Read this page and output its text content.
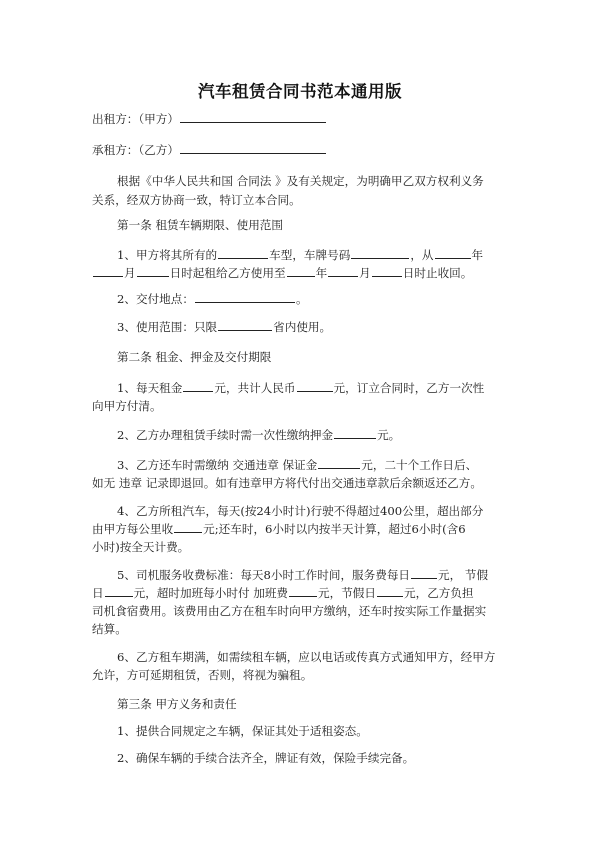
汽车租赁合同书范本通用版
出租方：（甲方）
承租方：（乙方）
根据《中华人民共和国 合同法 》及有关规定，为明确甲乙双方权利义务
关系，经双方协商一致，特订立本合同。
第一条 租赁车辆期限、使用范围
1、甲方将其所有的	车型，车牌号码	，从	年
月	日时起租给乙方使用至	年	月	日时止收回。
2、交付地点：	。
3、使用范围：只限	省内使用。
第二条 租金、押金及交付期限
1、每天租金	元，共计人民币	元，订立合同时，乙方一次性
向甲方付清。
2、乙方办理租赁手续时需一次性缴纳押金	元。
3、乙方还车时需缴纳 交通违章 保证金	元，二十个工作日后、
如无 违章 记录即退回。如有违章甲方将代付出交通违章款后余额返还乙方。
4、乙方所租汽车，每天(按24小时计)行驶不得超过400公里，超出部分
由甲方每公里收	元;还车时，6小时以内按半天计算，超过6小时(含6
小时)按全天计费。
5、司机服务收费标准：每天8小时工作时间，服务费每日 元， 节假
日	元，超时加班每小时付 加班费	元，节假日 元，乙方负担
司机食宿费用。该费用由乙方在租车时向甲方缴纳，还车时按实际工作量据实
结算。
6、乙方租车期满，如需续租车辆，应以电话或传真方式通知甲方，经甲方
允许，方可延期租赁，否则，将视为骗租。
第三条 甲方义务和责任
1、提供合同规定之车辆，保证其处于适租姿态。
2、确保车辆的手续合法齐全，牌证有效，保险手续完备。
